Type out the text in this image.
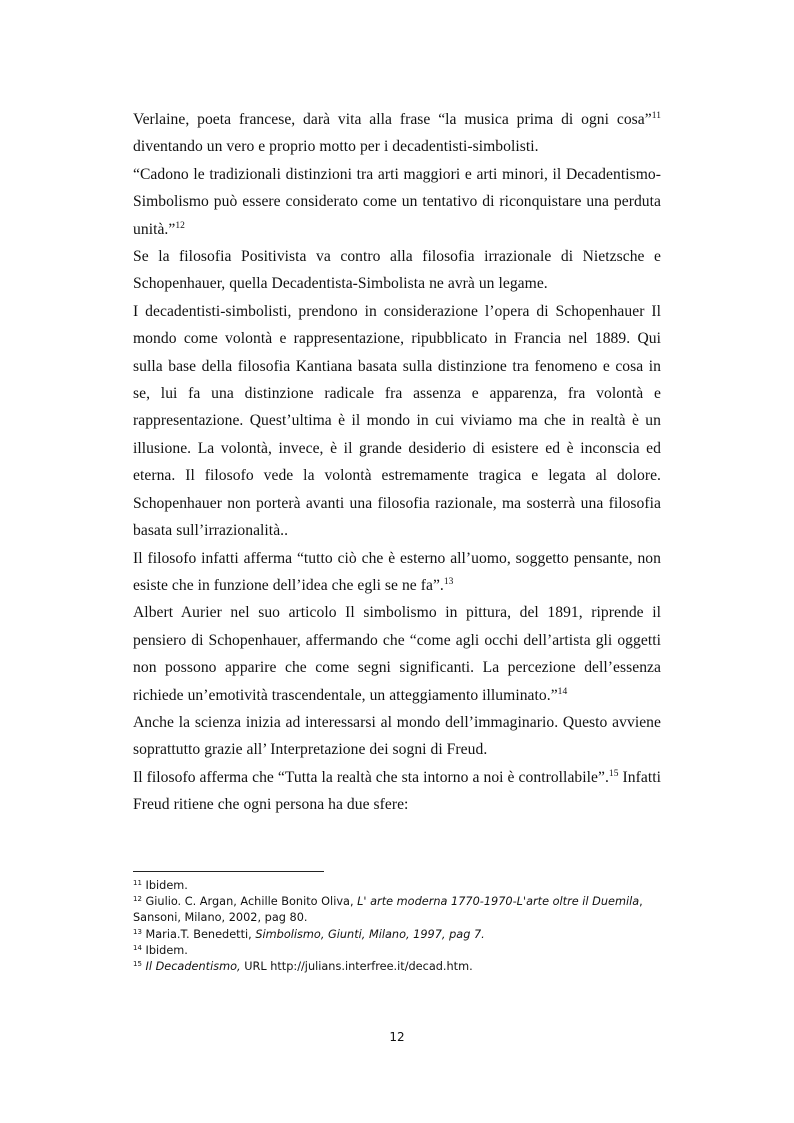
Verlaine, poeta francese, darà vita alla frase “la musica prima di ogni cosa”$^{11}$ diventando un vero e proprio motto per i decadentisti-simbolisti.

“Cadono le tradizionali distinzioni tra arti maggiori e arti minori, il Decadentismo-Simbolismo può essere considerato come un tentativo di riconquistare una perduta unità.”$^{12}$

Se la filosofia Positivista va contro alla filosofia irrazionale di Nietzsche e Schopenhauer, quella Decadentista-Simbolista ne avrà un legame.

I decadentisti-simbolisti, prendono in considerazione l’opera di Schopenhauer Il mondo come volontà e rappresentazione, ripubblicato in Francia nel 1889. Qui sulla base della filosofia Kantiana basata sulla distinzione tra fenomeno e cosa in se, lui fa una distinzione radicale fra assenza e apparenza, fra volontà e rappresentazione. Quest’ultima è il mondo in cui viviamo ma che in realtà è un illusione. La volontà, invece, è il grande desiderio di esistere ed è inconscia ed eterna. Il filosofo vede la volontà estremamente tragica e legata al dolore. Schopenhauer non porterà avanti una filosofia razionale, ma sosterrà una filosofia basata sull’irrazionalità..

Il filosofo infatti afferma “tutto ciò che è esterno all’uomo, soggetto pensante, non esiste che in funzione dell’idea che egli se ne fa”.$^{13}$

Albert Aurier nel suo articolo Il simbolismo in pittura, del 1891, riprende il pensiero di Schopenhauer, affermando che “come agli occhi dell’artista gli oggetti non possono apparire che come segni significanti. La percezione dell’essenza richiede un’emotività trascendentale, un atteggiamento illuminato.”$^{14}$

Anche la scienza inizia ad interessarsi al mondo dell’immaginario. Questo avviene soprattutto grazie all’ Interpretazione dei sogni di Freud.

Il filosofo afferma che “Tutta la realtà che sta intorno a noi è controllabile”.$^{15}$ Infatti Freud ritiene che ogni persona ha due sfere:

$^{11}$ Ibidem.

$^{12}$ Giulio. C. Argan, Achille Bonito Oliva, L' arte moderna 1770-1970-L'arte oltre il Duemila, Sansoni, Milano, 2002, pag 80.

$^{13}$ Maria.T. Benedetti, Simbolismo, Giunti, Milano, 1997, pag 7.

$^{14}$ Ibidem.

$^{15}$ Il Decadentismo, URL http://julians.interfree.it/decad.htm.

12
